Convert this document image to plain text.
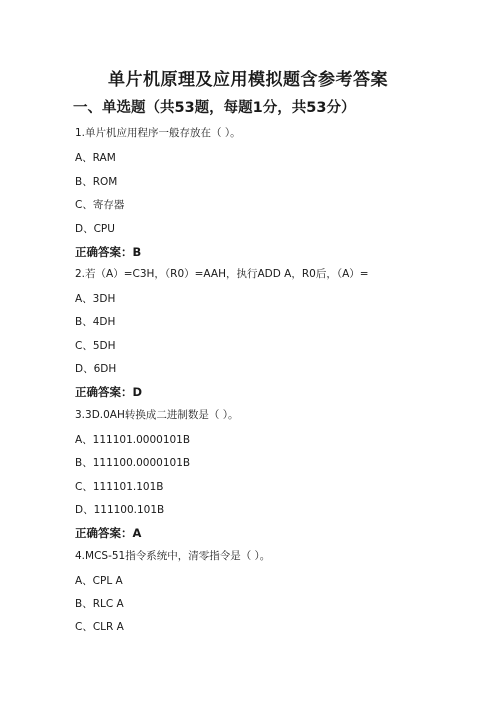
单片机原理及应用模拟题含参考答案
一、单选题（共53题，每题1分，共53分）
1.单片机应用程序一般存放在（ ）。
A、RAM
B、ROM
C、寄存器
D、CPU
正确答案：B
2.若（A）=C3H，（R0）=AAH，执行ADD A，R0后，（A）=
A、3DH
B、4DH
C、5DH
D、6DH
正确答案：D
3.3D.0AH转换成二进制数是（ ）。
A、111101.0000101B
B、111100.0000101B
C、111101.101B
D、111100.101B
正确答案：A
4.MCS-51指令系统中，清零指令是（ ）。
A、CPL A
B、RLC A
C、CLR A
